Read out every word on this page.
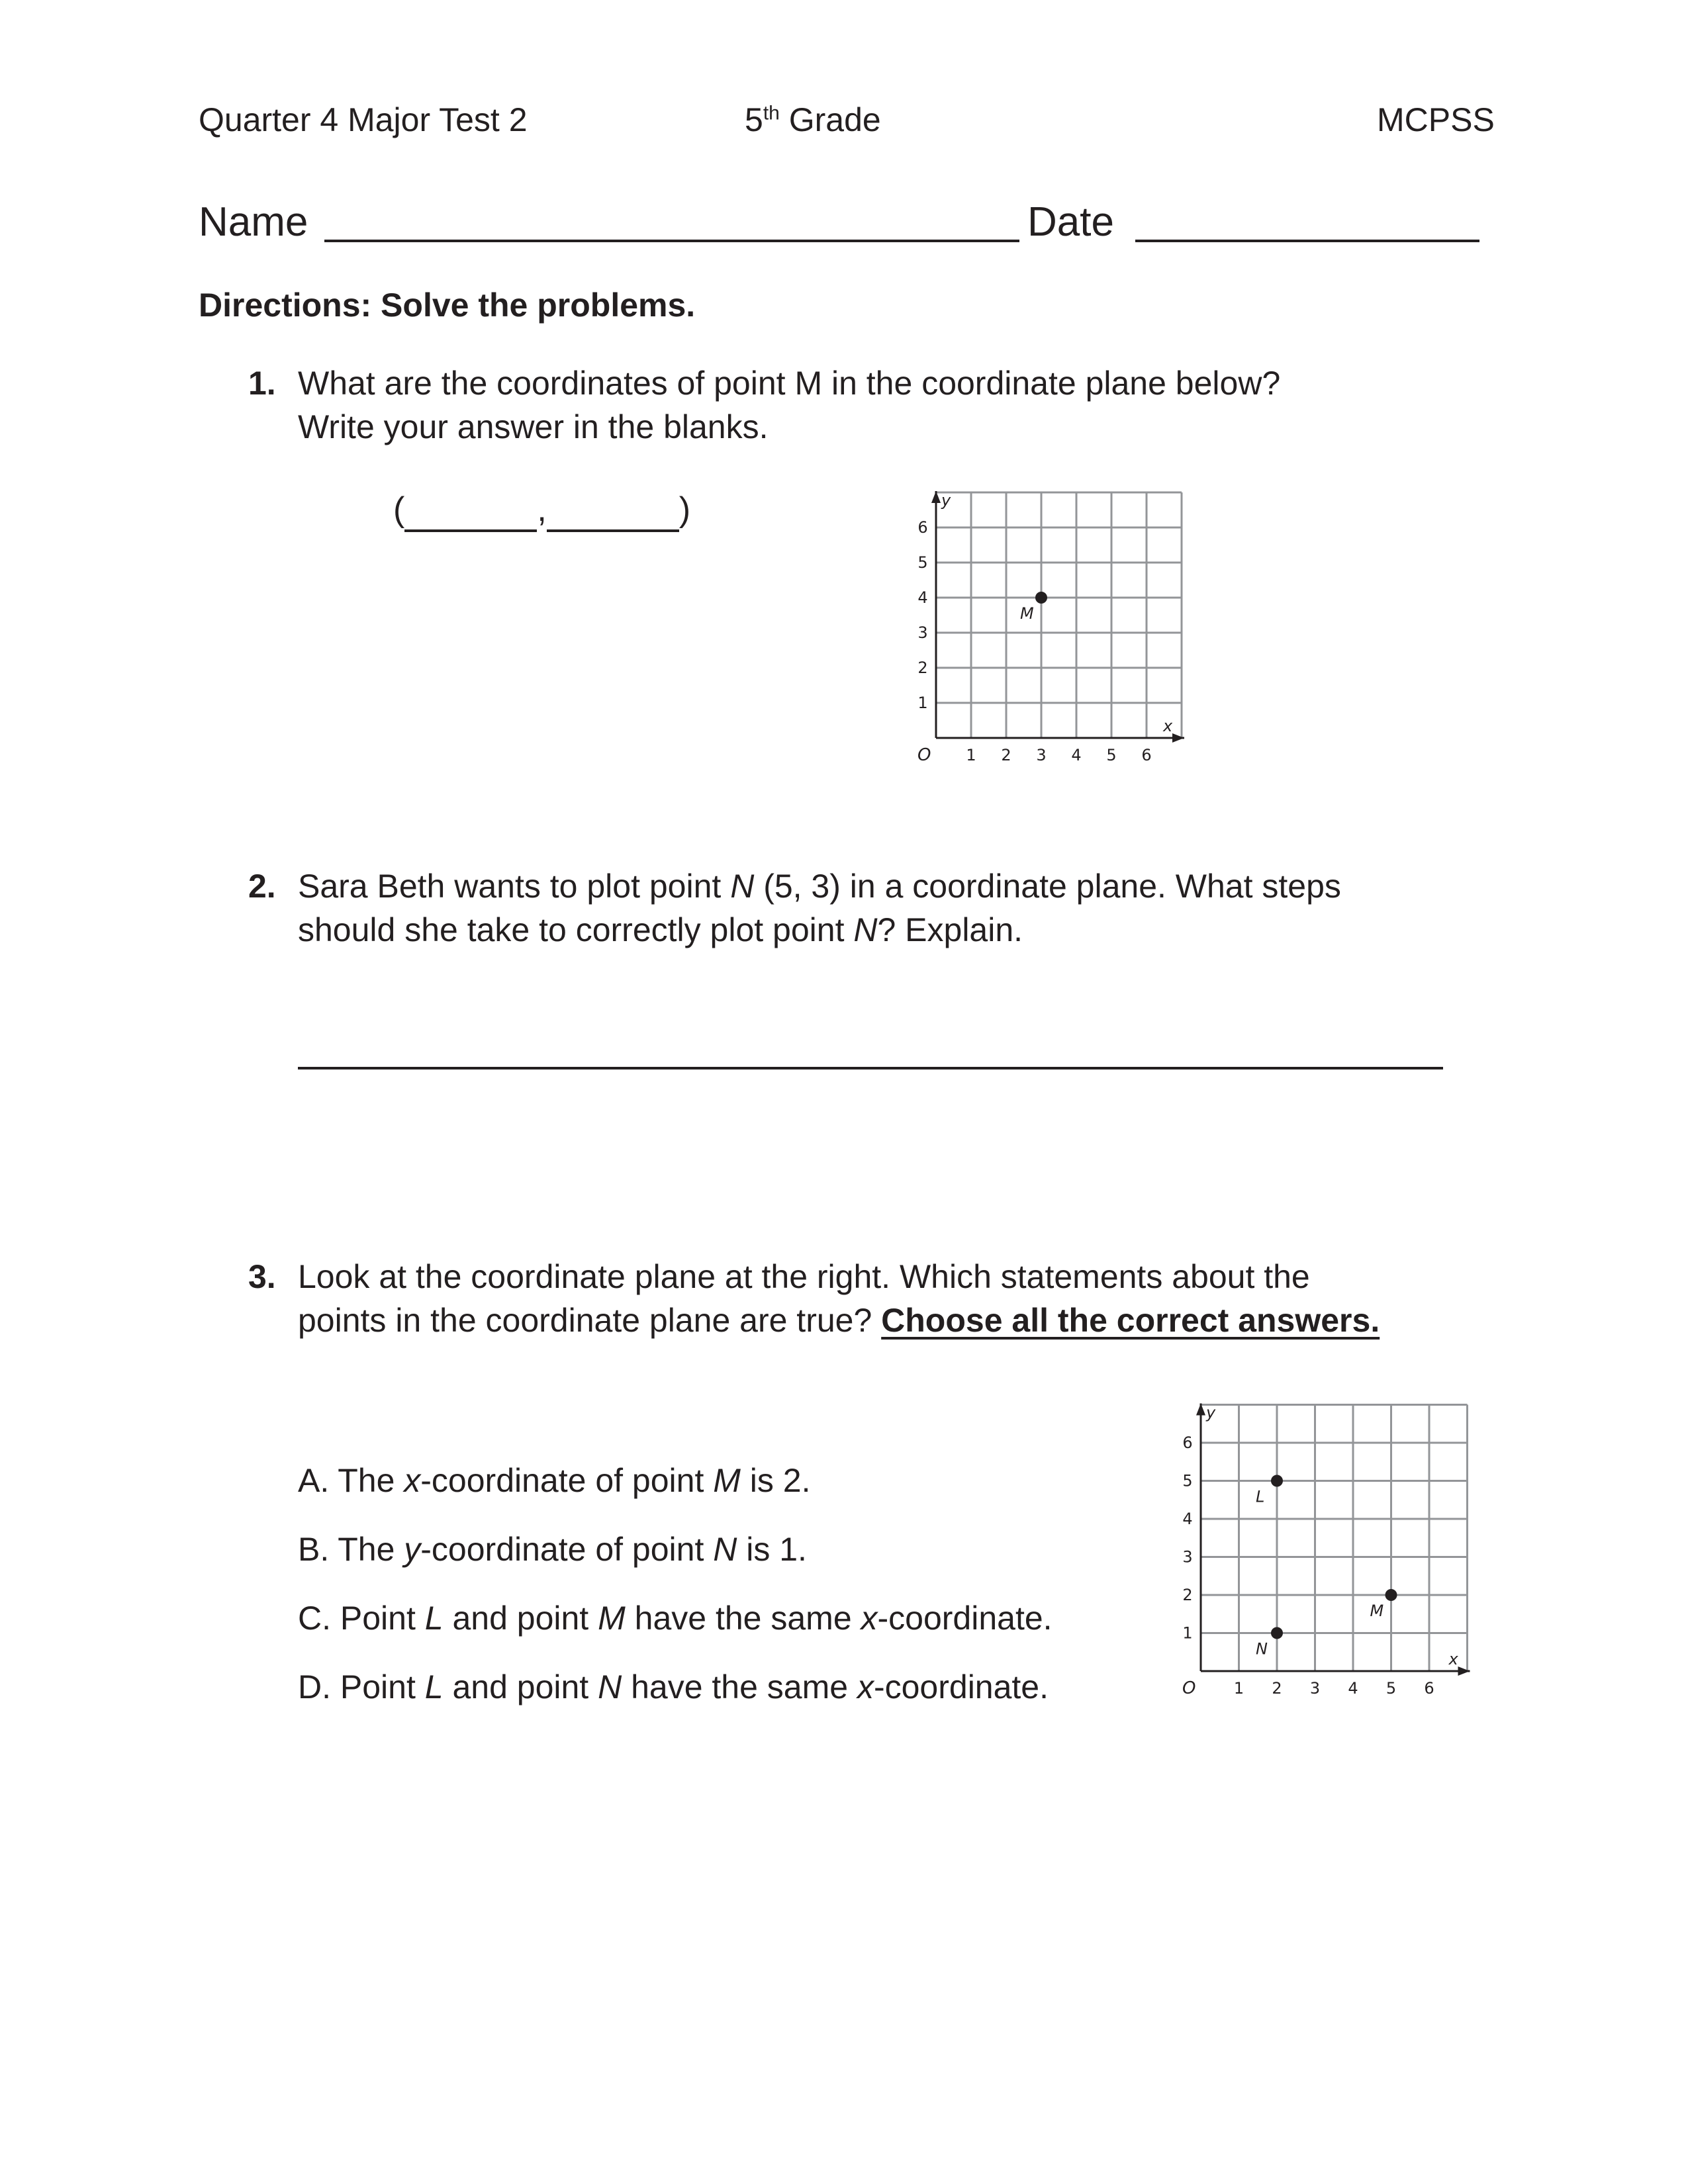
Quarter 4 Major Test 2	5th Grade	MCPSS
Name	Date
Directions: Solve the problems.
1. What are the coordinates of point M in the coordinate plane below?
Write your answer in the blanks.
(	,	)
x
y
O 1 2 3 4 5 6
1
2
3
4
5
6
M
2. Sara Beth wants to plot point N (5, 3) in a coordinate plane. What steps
should she take to correctly plot point N? Explain.
3. Look at the coordinate plane at the right. Which statements about the
points in the coordinate plane are true? Choose all the correct answers.
A. The x-coordinate of point M is 2.
B. The y-coordinate of point N is 1.
C. Point L and point M have the same x-coordinate.
D. Point L and point N have the same x-coordinate.
x
y
O 1 2 3 4 5 6
1
2
3
4
5
6
L
M
N
